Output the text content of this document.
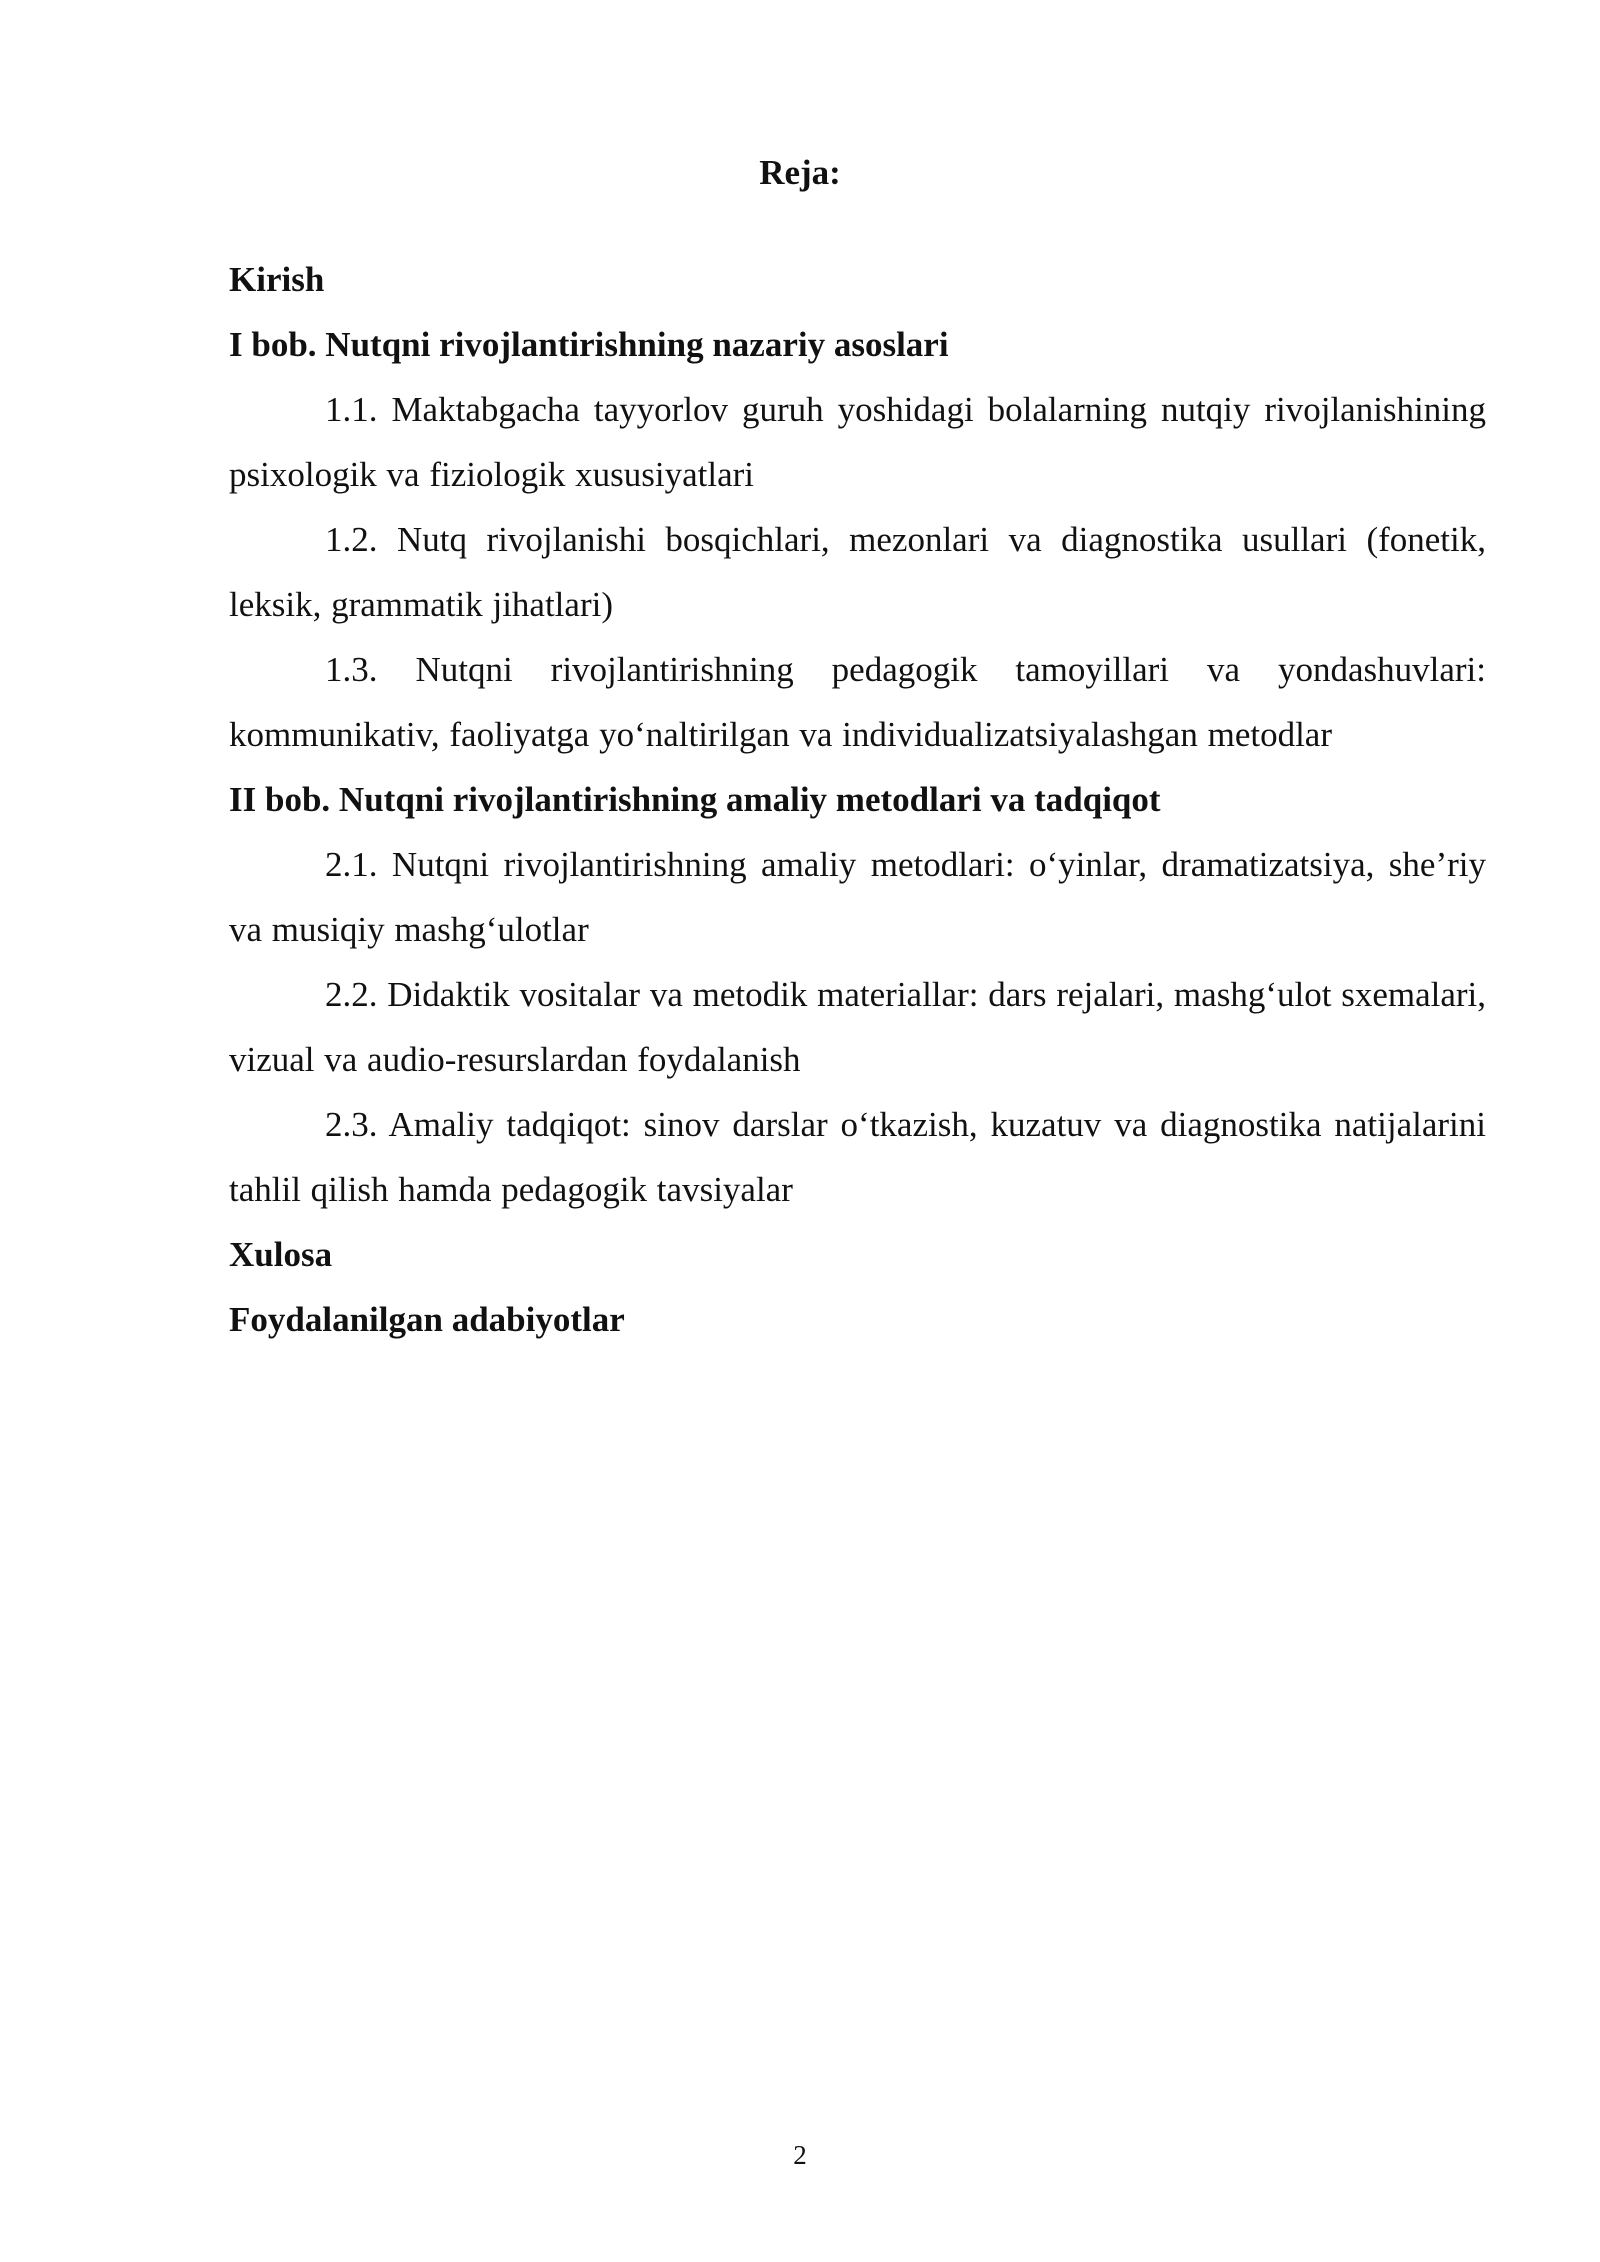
Reja:

Kirish

I bob. Nutqni rivojlantirishning nazariy asoslari

1.1. Maktabgacha tayyorlov guruh yoshidagi bolalarning nutqiy rivojlanishining psixologik va fiziologik xususiyatlari

1.2. Nutq rivojlanishi bosqichlari, mezonlari va diagnostika usullari (fonetik, leksik, grammatik jihatlari)

1.3. Nutqni rivojlantirishning pedagogik tamoyillari va yondashuvlari: kommunikativ, faoliyatga yo‘naltirilgan va individualizatsiyalashgan metodlar

II bob. Nutqni rivojlantirishning amaliy metodlari va tadqiqot

2.1. Nutqni rivojlantirishning amaliy metodlari: o‘yinlar, dramatizatsiya, she’riy va musiqiy mashg‘ulotlar

2.2. Didaktik vositalar va metodik materiallar: dars rejalari, mashg‘ulot sxemalari, vizual va audio-resurslardan foydalanish

2.3. Amaliy tadqiqot: sinov darslar o‘tkazish, kuzatuv va diagnostika natijalarini tahlil qilish hamda pedagogik tavsiyalar

Xulosa

Foydalanilgan adabiyotlar

2
